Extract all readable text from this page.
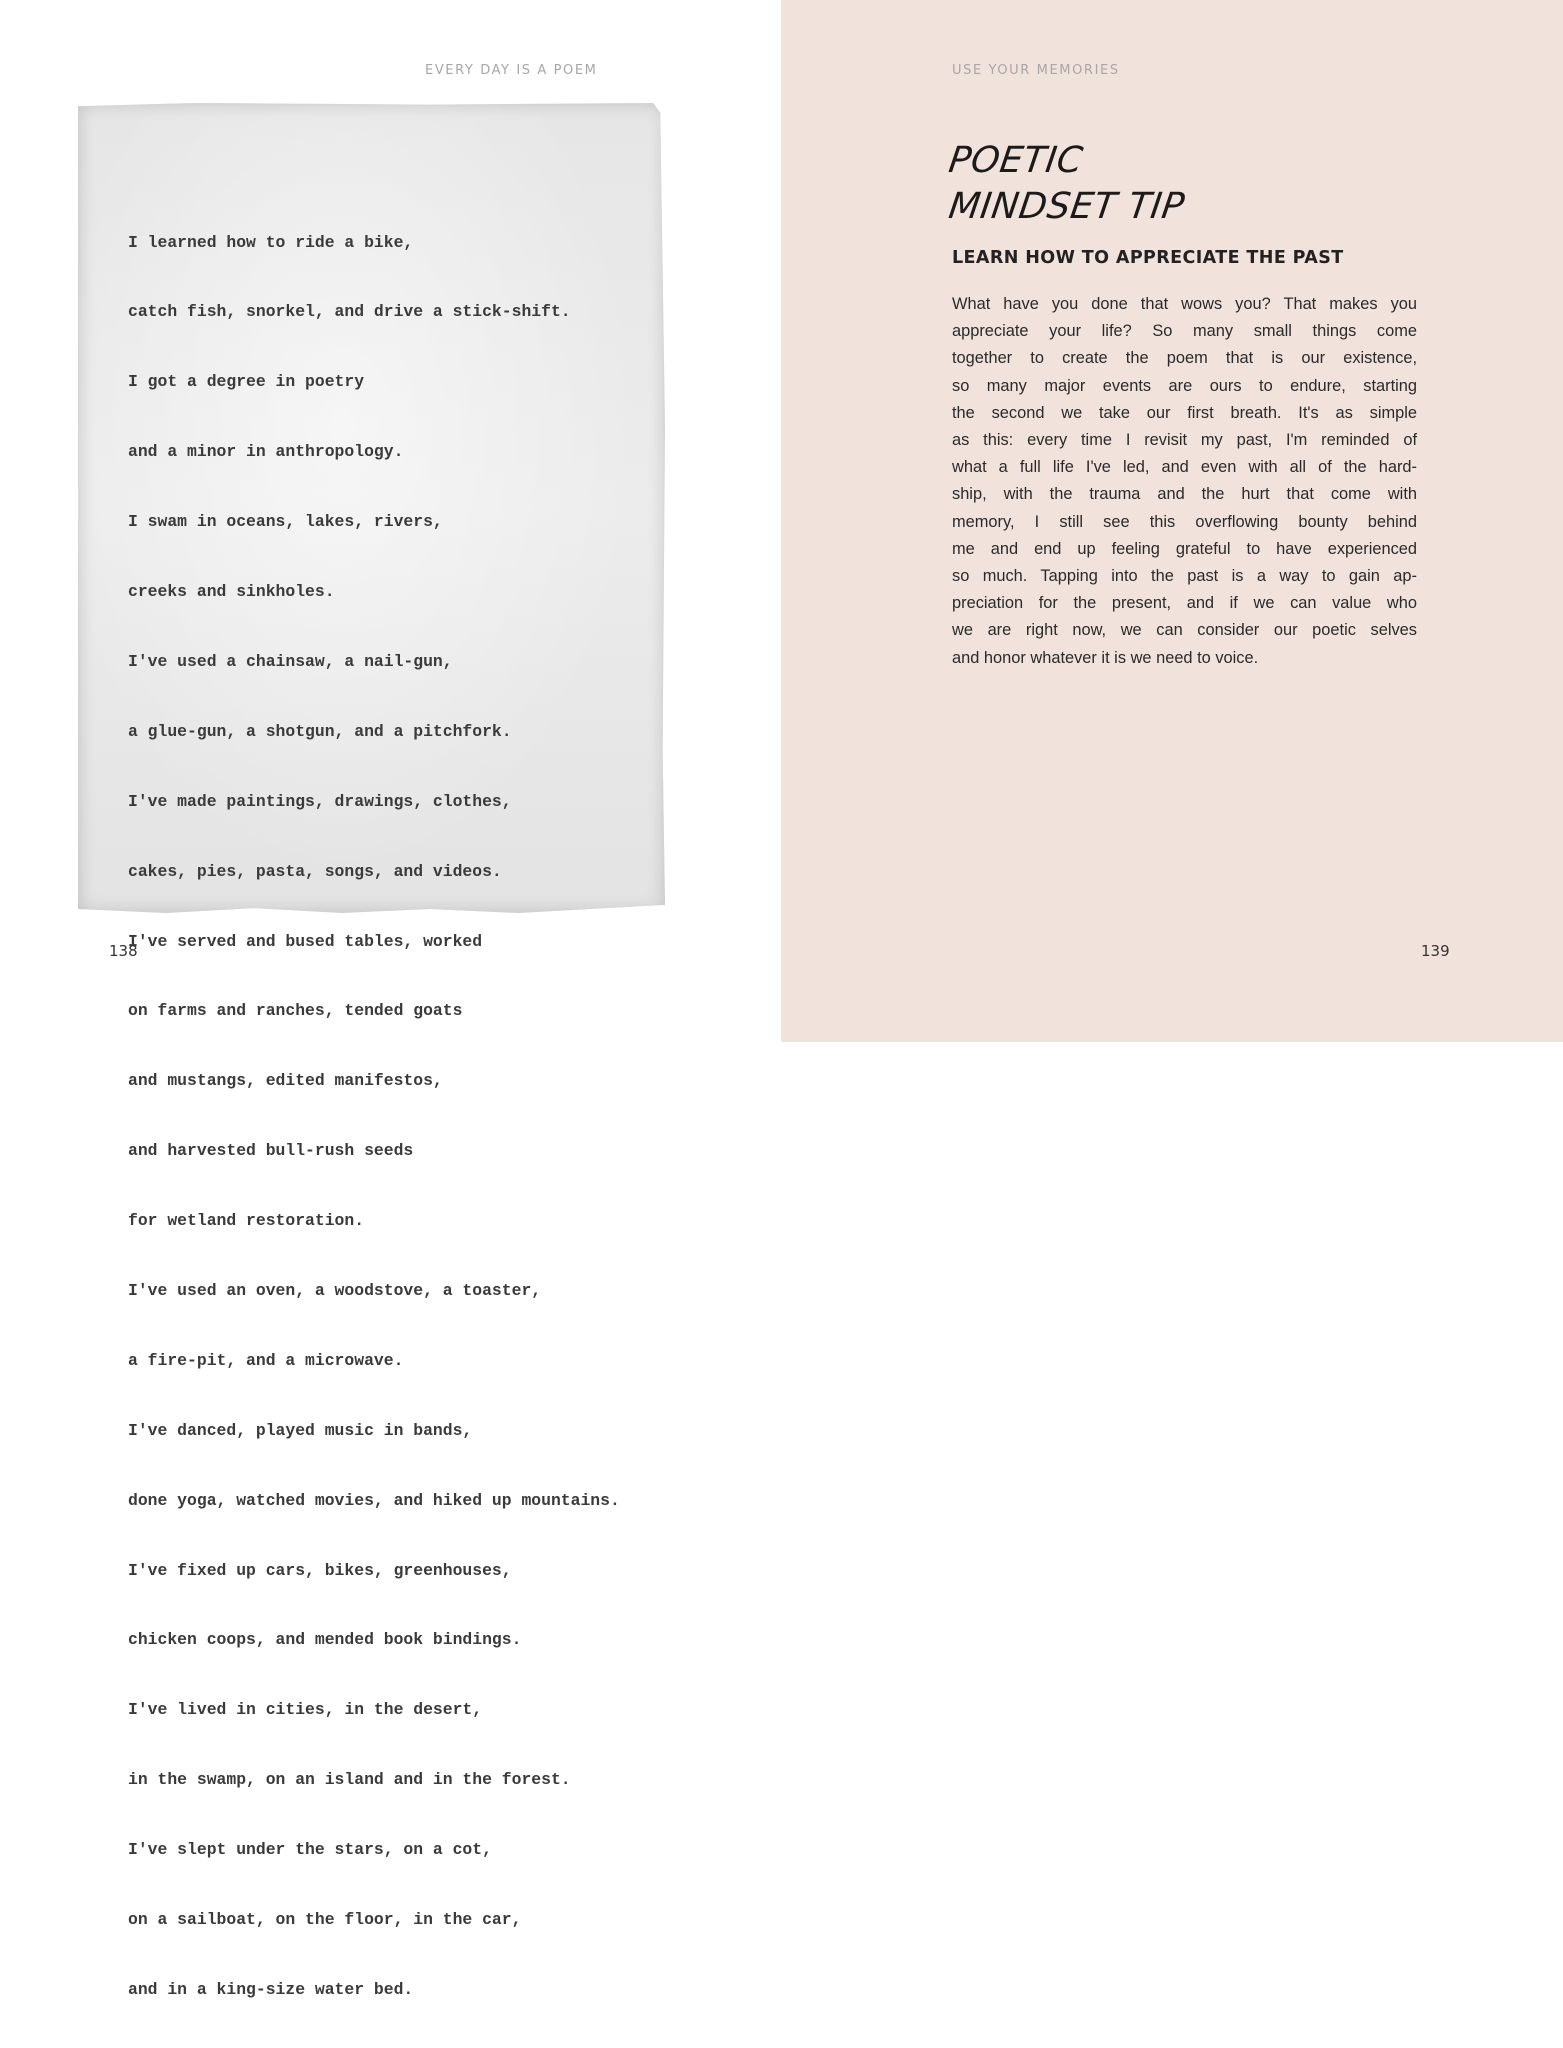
EVERY DAY IS A POEM

I learned how to ride a bike,

catch fish, snorkel, and drive a stick-shift.

I got a degree in poetry

and a minor in anthropology.

I swam in oceans, lakes, rivers,

creeks and sinkholes.

I've used a chainsaw, a nail-gun,

a glue-gun, a shotgun, and a pitchfork.

I've made paintings, drawings, clothes,

cakes, pies, pasta, songs, and videos.

I've served and bused tables, worked

on farms and ranches, tended goats

and mustangs, edited manifestos,

and harvested bull-rush seeds

for wetland restoration.

I've used an oven, a woodstove, a toaster,

a fire-pit, and a microwave.

I've danced, played music in bands,

done yoga, watched movies, and hiked up mountains.

I've fixed up cars, bikes, greenhouses,

chicken coops, and mended book bindings.

I've lived in cities, in the desert,

in the swamp, on an island and in the forest.

I've slept under the stars, on a cot,

on a sailboat, on the floor, in the car,

and in a king-size water bed.

138
USE YOUR MEMORIES
POETIC
MINDSET TIP
LEARN HOW TO APPRECIATE THE PAST
What have you done that wows you? That makes you
appreciate your life? So many small things come
together to create the poem that is our existence,
so many major events are ours to endure, starting
the second we take our first breath. It's as simple
as this: every time I revisit my past, I'm reminded of
what a full life I've led, and even with all of the hard-
ship, with the trauma and the hurt that come with
memory, I still see this overflowing bounty behind
me and end up feeling grateful to have experienced
so much. Tapping into the past is a way to gain ap-
preciation for the present, and if we can value who
we are right now, we can consider our poetic selves
and honor whatever it is we need to voice.
139
